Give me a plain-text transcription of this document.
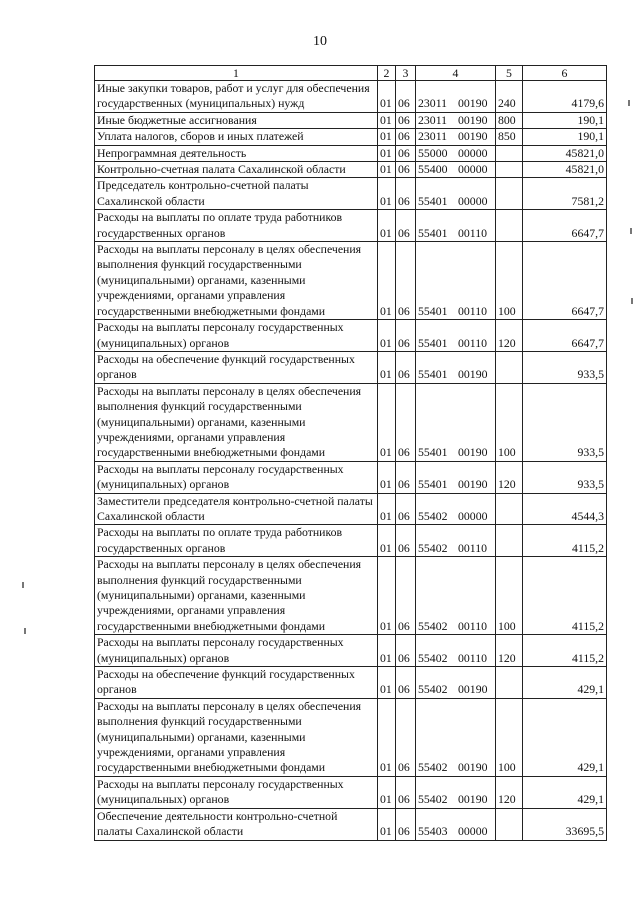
10
1	2	3	4	5	6
Иные закупки товаров, работ и услуг для обеспечения государственных (муниципальных) нужд	01	06	23011 00190	240	4179,6
Иные бюджетные ассигнования	01	06	23011 00190	800	190,1
Уплата налогов, сборов и иных платежей	01	06	23011 00190	850	190,1
Непрограммная деятельность	01	06	55000 00000		45821,0
Контрольно-счетная палата Сахалинской области	01	06	55400 00000		45821,0
Председатель контрольно-счетной палаты Сахалинской области	01	06	55401 00000		7581,2
Расходы на выплаты по оплате труда работников государственных органов	01	06	55401 00110		6647,7
Расходы на выплаты персоналу в целях обеспечения выполнения функций государственными (муниципальными) органами, казенными учреждениями, органами управления государственными внебюджетными фондами	01	06	55401 00110	100	6647,7
Расходы на выплаты персоналу государственных (муниципальных) органов	01	06	55401 00110	120	6647,7
Расходы на обеспечение функций государственных органов	01	06	55401 00190		933,5
Расходы на выплаты персоналу в целях обеспечения выполнения функций государственными (муниципальными) органами, казенными учреждениями, органами управления государственными внебюджетными фондами	01	06	55401 00190	100	933,5
Расходы на выплаты персоналу государственных (муниципальных) органов	01	06	55401 00190	120	933,5
Заместители председателя контрольно-счетной палаты Сахалинской области	01	06	55402 00000		4544,3
Расходы на выплаты по оплате труда работников государственных органов	01	06	55402 00110		4115,2
Расходы на выплаты персоналу в целях обеспечения выполнения функций государственными (муниципальными) органами, казенными учреждениями, органами управления государственными внебюджетными фондами	01	06	55402 00110	100	4115,2
Расходы на выплаты персоналу государственных (муниципальных) органов	01	06	55402 00110	120	4115,2
Расходы на обеспечение функций государственных органов	01	06	55402 00190		429,1
Расходы на выплаты персоналу в целях обеспечения выполнения функций государственными (муниципальными) органами, казенными учреждениями, органами управления государственными внебюджетными фондами	01	06	55402 00190	100	429,1
Расходы на выплаты персоналу государственных (муниципальных) органов	01	06	55402 00190	120	429,1
Обеспечение деятельности контрольно-счетной палаты Сахалинской области	01	06	55403 00000		33695,5
